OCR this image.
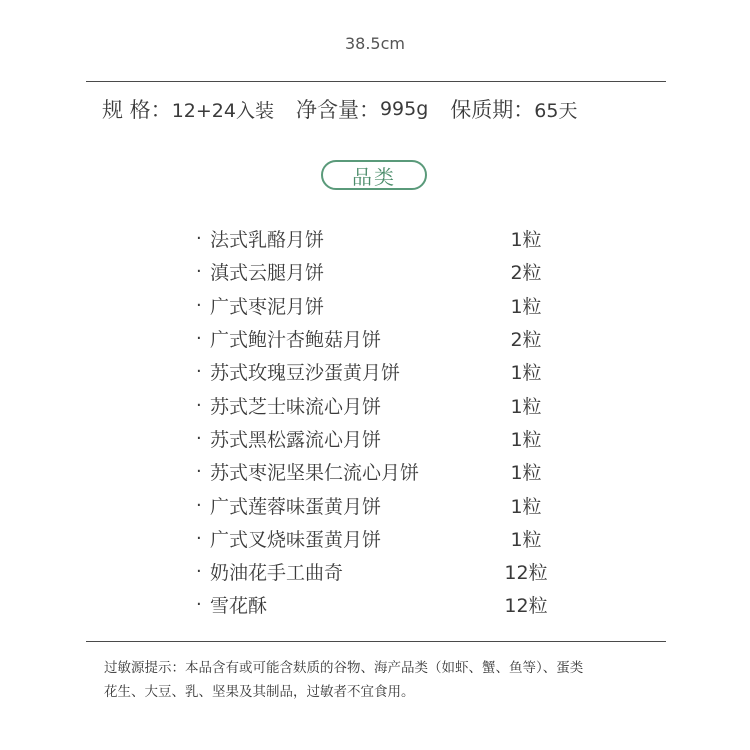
38.5cm
规 格： 12+24入装 净含量： 995g 保质期： 65天
品类
· 法式乳酪月饼	1粒
· 滇式云腿月饼	2粒
· 广式枣泥月饼	1粒
· 广式鲍汁杏鲍菇月饼	2粒
· 苏式玫瑰豆沙蛋黄月饼	1粒
· 苏式芝士味流心月饼	1粒
· 苏式黑松露流心月饼	1粒
· 苏式枣泥坚果仁流心月饼	1粒
· 广式莲蓉味蛋黄月饼	1粒
· 广式叉烧味蛋黄月饼	1粒
· 奶油花手工曲奇	12粒
· 雪花酥	12粒
过敏源提示：本品含有或可能含麸质的谷物、海产品类（如虾、蟹、鱼等）、蛋类
花生、大豆、乳、坚果及其制品，过敏者不宜食用。
